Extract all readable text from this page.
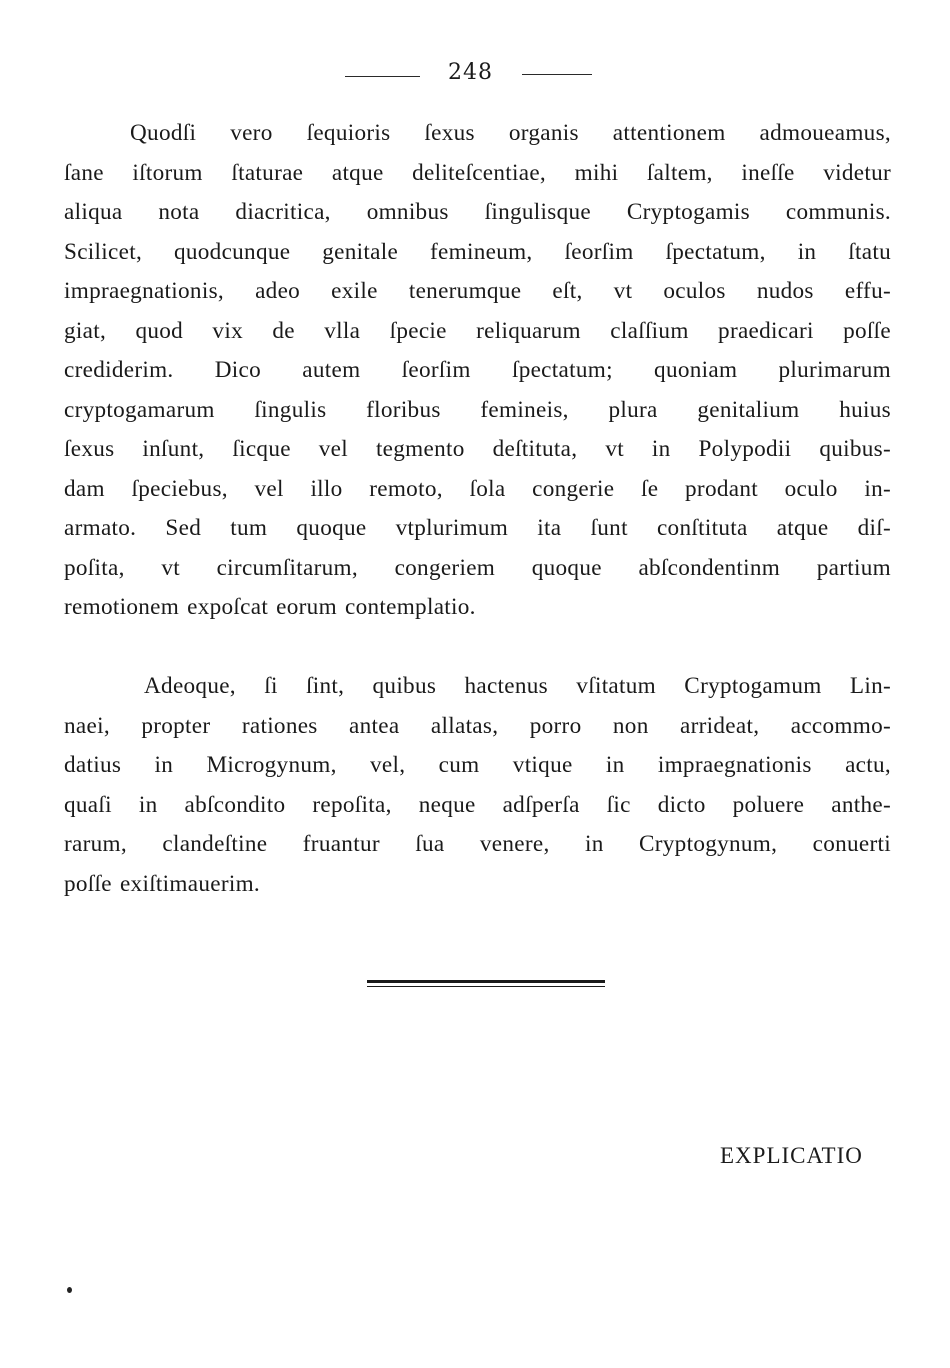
248
Quodſi vero ſequioris ſexus organis attentionem admoueamus,
ſane iſtorum ſtaturae atque deliteſcentiae, mihi ſaltem, ineſſe videtur
aliqua nota diacritica, omnibus ſingulisque Cryptogamis communis.
Scilicet, quodcunque genitale femineum, ſeorſim ſpectatum, in ſtatu
impraegnationis, adeo exile tenerumque eſt, vt oculos nudos effu-
giat, quod vix de vlla ſpecie reliquarum claſſium praedicari poſſe
crediderim. Dico autem ſeorſim ſpectatum; quoniam plurimarum
cryptogamarum ſingulis floribus femineis, plura genitalium huius
ſexus inſunt, ſicque vel tegmento deſtituta, vt in Polypodii quibus-
dam ſpeciebus, vel illo remoto, ſola congerie ſe prodant oculo in-
armato. Sed tum quoque vtplurimum ita ſunt conſtituta atque diſ-
poſita, vt circumſitarum, congeriem quoque abſcondentinm partium
remotionem expoſcat eorum contemplatio.
Adeoque, ſi ſint, quibus hactenus vſitatum Cryptogamum Lin-
naei, propter rationes antea allatas, porro non arrideat, accommo-
datius in Microgynum, vel, cum vtique in impraegnationis actu,
quaſi in abſcondito repoſita, neque adſperſa ſic dicto poluere anthe-
rarum, clandeſtine fruantur ſua venere, in Cryptogynum, conuerti
poſſe exiſtimauerim.
EXPLICATIO
